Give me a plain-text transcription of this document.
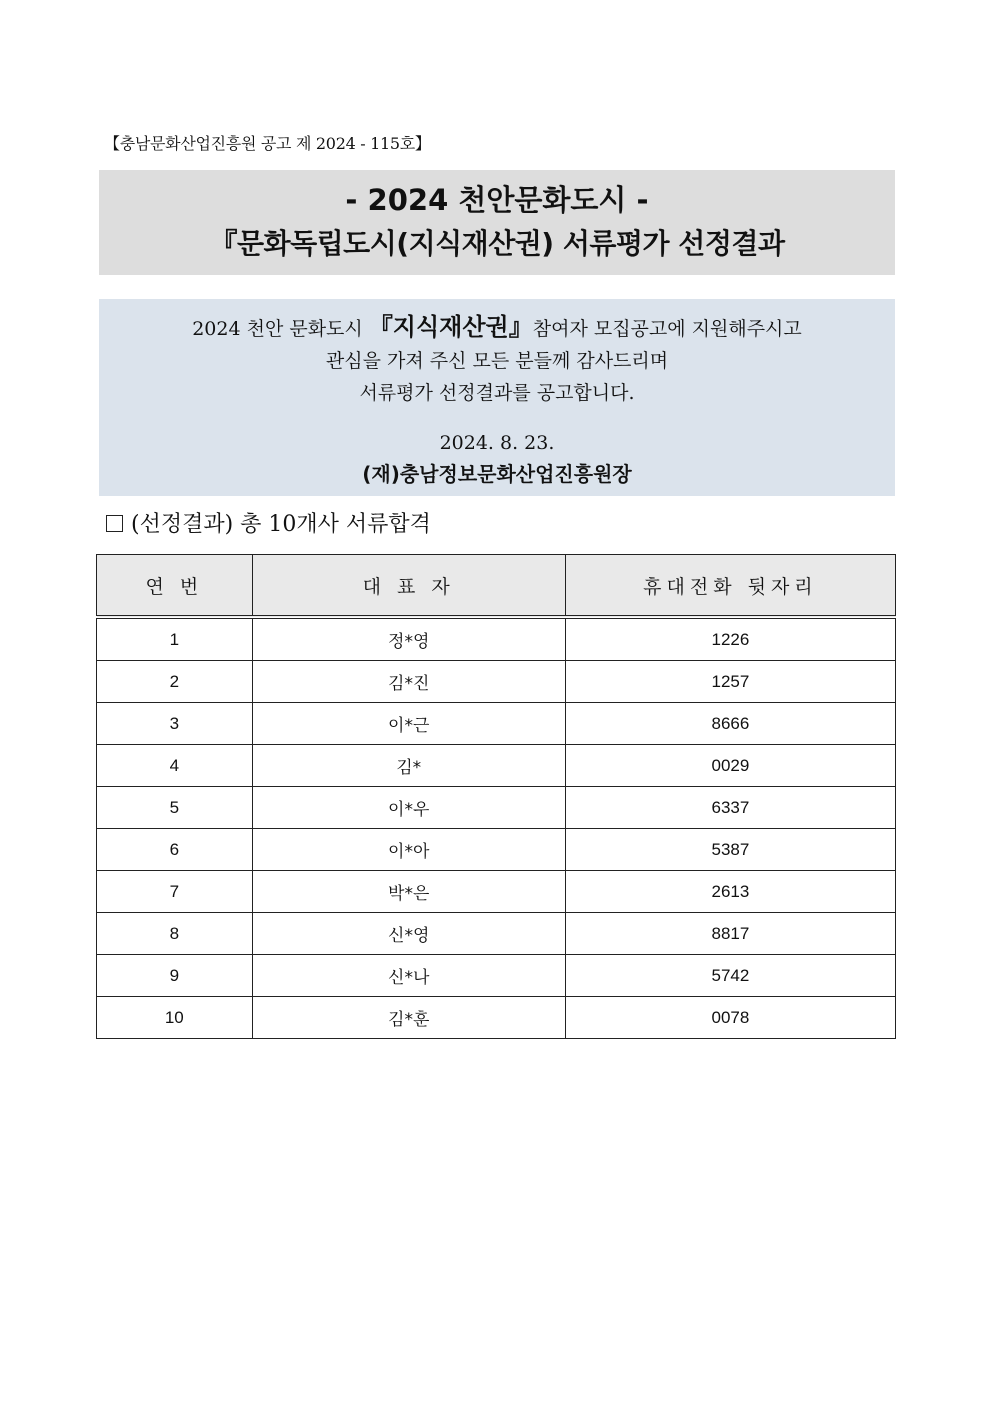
【충남문화산업진흥원 공고 제 2024 - 115호】
- 2024 천안문화도시 -
『문화독립도시(지식재산권) 서류평가 선정결과
2024 천안 문화도시 『지식재산권』참여자 모집공고에 지원해주시고
관심을 가져 주신 모든 분들께 감사드리며
서류평가 선정결과를 공고합니다.
2024. 8. 23.
(재)충남정보문화산업진흥원장
(선정결과) 총 10개사 서류합격
연 번	대 표 자	휴대전화 뒷자리
1	정*영	1226
2	김*진	1257
3	이*근	8666
4	김*	0029
5	이*우	6337
6	이*아	5387
7	박*은	2613
8	신*영	8817
9	신*나	5742
10	김*훈	0078
